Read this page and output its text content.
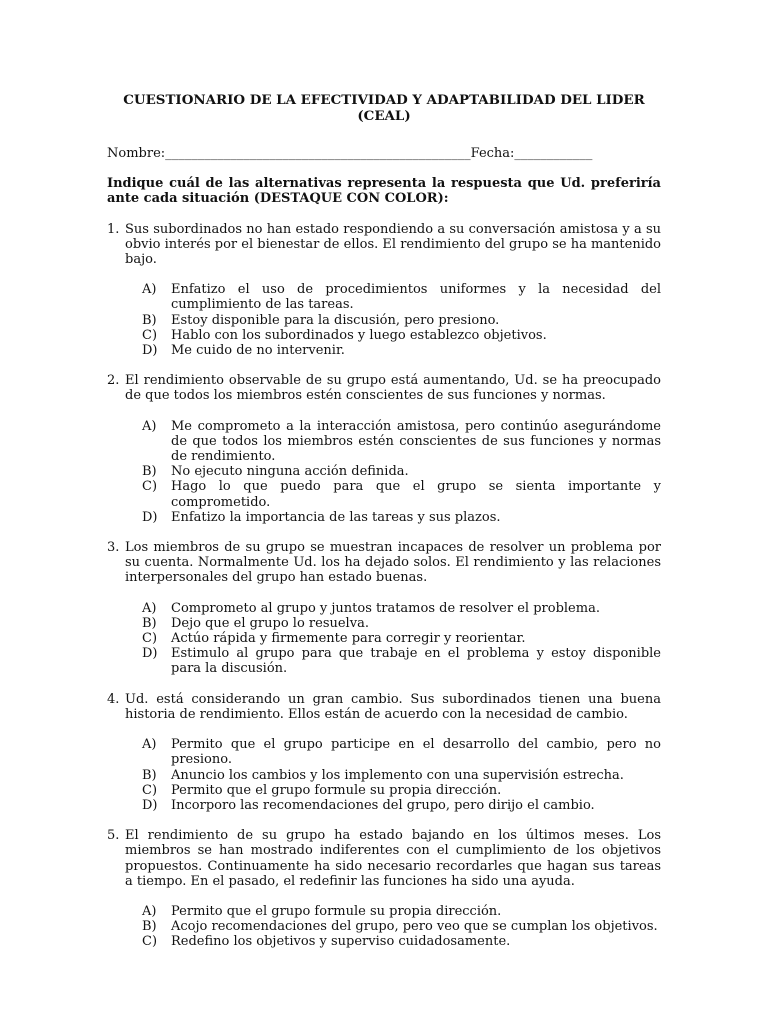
CUESTIONARIO DE LA EFECTIVIDAD Y ADAPTABILIDAD DEL LIDER
(CEAL)
Nombre:_______________________________________________Fecha:____________
Indique cuál de las alternativas representa la respuesta que Ud. preferiría ante cada situación (DESTAQUE CON COLOR):
1. Sus subordinados no han estado respondiendo a su conversación amistosa y a su obvio interés por el bienestar de ellos. El rendimiento del grupo se ha mantenido bajo.
A)	Enfatizo el uso de procedimientos uniformes y la necesidad del cumplimiento de las tareas.
B)	Estoy disponible para la discusión, pero presiono.
C)	Hablo con los subordinados y luego establezco objetivos.
D)	Me cuido de no intervenir.
2. El rendimiento observable de su grupo está aumentando, Ud. se ha preocupado de que todos los miembros estén conscientes de sus funciones y normas.
A)	Me comprometo a la interacción amistosa, pero continúo asegurándome de que todos los miembros estén conscientes de sus funciones y normas de rendimiento.
B)	No ejecuto ninguna acción definida.
C)	Hago lo que puedo para que el grupo se sienta importante y comprometido.
D)	Enfatizo la importancia de las tareas y sus plazos.
3. Los miembros de su grupo se muestran incapaces de resolver un problema por su cuenta. Normalmente Ud. los ha dejado solos. El rendimiento y las relaciones interpersonales del grupo han estado buenas.
A)	Comprometo al grupo y juntos tratamos de resolver el problema.
B)	Dejo que el grupo lo resuelva.
C)	Actúo rápida y firmemente para corregir y reorientar.
D)	Estimulo al grupo para que trabaje en el problema y estoy disponible para la discusión.
4. Ud. está considerando un gran cambio. Sus subordinados tienen una buena historia de rendimiento. Ellos están de acuerdo con la necesidad de cambio.
A)	Permito que el grupo participe en el desarrollo del cambio, pero no presiono.
B)	Anuncio los cambios y los implemento con una supervisión estrecha.
C)	Permito que el grupo formule su propia dirección.
D)	Incorporo las recomendaciones del grupo, pero dirijo el cambio.
5. El rendimiento de su grupo ha estado bajando en los últimos meses. Los miembros se han mostrado indiferentes con el cumplimiento de los objetivos propuestos. Continuamente ha sido necesario recordarles que hagan sus tareas a tiempo. En el pasado, el redefinir las funciones ha sido una ayuda.
A)	Permito que el grupo formule su propia dirección.
B)	Acojo recomendaciones del grupo, pero veo que se cumplan los objetivos.
C)	Redefino los objetivos y superviso cuidadosamente.
